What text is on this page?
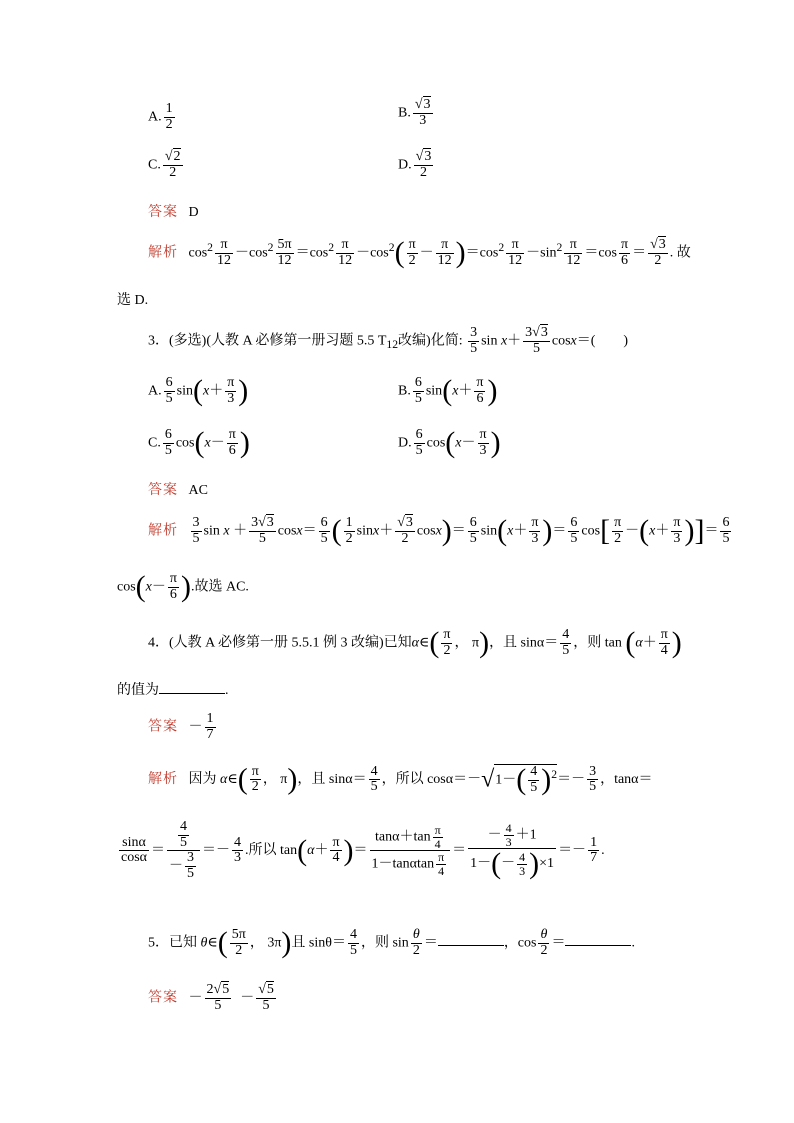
A. $\frac{1}{2}$	B. $\frac{√3}{3}$
C. $\frac{√2}{2}$	D. $\frac{√3}{2}$
答案 D
解析   $\cos^2 \frac{\pi}{12} -\cos^2 \frac{5\pi}{12} =\cos^2 \frac{\pi}{12} -\cos^2( \frac{\pi}{2} - \frac{\pi}{12} )=\cos^2 \frac{\pi}{12} -\sin^2 \frac{\pi}{12} =\cos \frac{\pi}{6} = \frac{√3}{2}$ . 故
选 D.
3．(多选)(人教 A 必修第一册习题 5.5 $T_{12}$改编)化简: $\frac{3}{5}$ $\sin x+ \frac{3√3}{5} \cos x=$(　　)
A. $\frac{6}{5} \sin(x+ \frac{\pi}{3}$ )	B. $\frac{6}{5} \sin(x+ \frac{\pi}{6}$ )
C. $\frac{6}{5} \cos(x- \frac{\pi}{6}$ )	D. $\frac{6}{5} \cos(x- \frac{\pi}{3}$ )
答案 AC
解析 $\frac{3}{5}$ $\sin x + \frac{3√3}{5} \cos x= \frac{6}{5}$ ( $\frac{1}{2} \sin x+ \frac{√3}{2} \cos x)= \frac{6}{5} \sin(x+ \frac{\pi}{3}$ )＝ $\frac{6}{5} \cos[ \frac{\pi}{2} -(x+ \frac{\pi}{3}$ )]＝ $\frac{6}{5}$
$\cos(x- \frac{\pi}{6}$ ).故选 AC.
4．(人教 A 必修第一册 5.5.1 例 3 改编)已知α∈( $\frac{\pi}{2}$ ， π)，且 $\sin\alpha= \frac{4}{5}$ ，则 $\tan (\alpha+ \frac{\pi}{4}$ )
的值为	.
答案   － $\frac{1}{7}$
解析 因为 α∈( $\frac{\pi}{2}$ ， π)，且 $\sin\alpha= \frac{4}{5}$ ，所以 $\cos\alpha=-√1-( \frac{4}{5} )^2=- \frac{3}{5}$ ，tanα＝
$\frac{\sin\alpha}{\cos\alpha} = \frac{\frac{4}{5}}{- \frac{3}{5}} =- \frac{4}{3}$ .所以 $\tan(\alpha+ \frac{\pi}{4}$ )＝ $\frac{\tan\alpha+\tan \frac{\pi}{4}}{1-\tan\alpha\tan \frac{\pi}{4}} = \frac{- \frac{4}{3} +1}{1-(- \frac{4}{3} )\times 1} =- \frac{1}{7}$ .
5．已知 θ∈( $\frac{5\pi}{2}$ ， 3π)且 $\sin\theta= \frac{4}{5}$ ，则 $\sin \frac{\theta}{2}$ ＝	，$\cos \frac{\theta}{2}$ ＝	.
答案   － $\frac{2√5}{5} - \frac{√5}{5}$
